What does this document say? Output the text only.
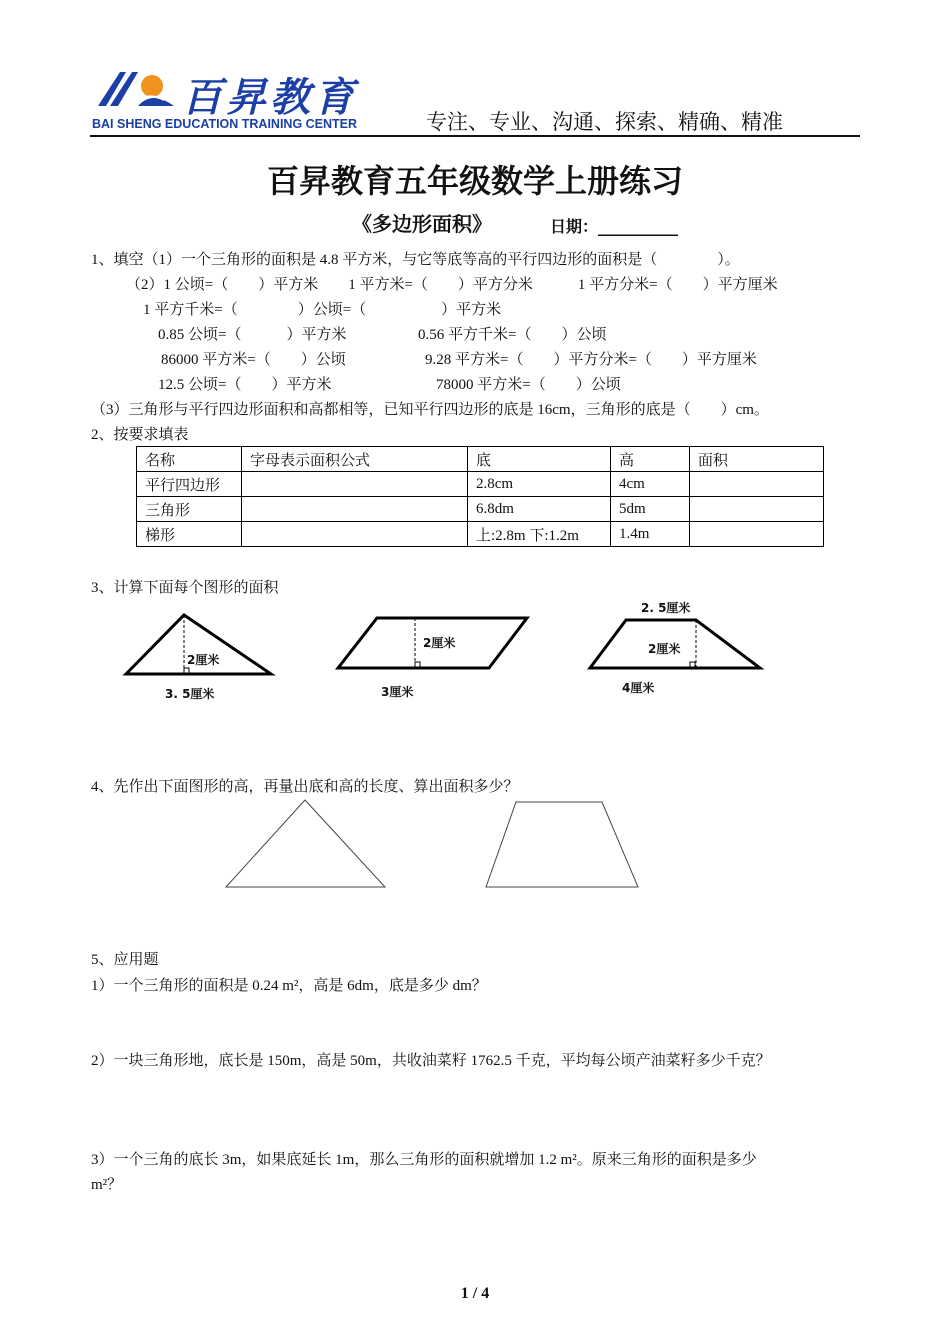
百昇教育
BAI SHENG EDUCATION TRAINING CENTER	专注、专业、沟通、探索、精确、精准
百昇教育五年级数学上册练习
《多边形面积》	日期：__________
1、填空（1）一个三角形的面积是 4.8 平方米，与它等底等高的平行四边形的面积是（　　　　）。
（2）1 公顷=（　　）平方米　　1 平方米=（　　）平方分米　　　1 平方分米=（　　）平方厘米
1 平方千米=（　　　　）公顷=（　　　　　）平方米
0.85 公顷=（　　　）平方米	0.56 平方千米=（　　）公顷
86000 平方米=（　　）公顷	9.28 平方米=（　　）平方分米=（　　）平方厘米
12.5 公顷=（　　）平方米	78000 平方米=（　　）公顷
（3）三角形与平行四边形面积和高都相等，已知平行四边形的底是 16cm，三角形的底是（　　）cm。
2、按要求填表
名称	字母表示面积公式	底	高	面积
平行四边形		2.8cm	4cm	
三角形		6.8dm	5dm	
梯形		上:2.8m 下:1.2m	1.4m	
3、计算下面每个图形的面积
2厘米
3. 5厘米
2厘米
3厘米
2. 5厘米
2厘米
4厘米
4、先作出下面图形的高，再量出底和高的长度、算出面积多少？
5、应用题
1）一个三角形的面积是 0.24 m²，高是 6dm，底是多少 dm？
2）一块三角形地，底长是 150m，高是 50m，共收油菜籽 1762.5 千克，平均每公顷产油菜籽多少千克？
3）一个三角的底长 3m，如果底延长 1m，那么三角形的面积就增加 1.2 m²。原来三角形的面积是多少
m²？
1 / 4
